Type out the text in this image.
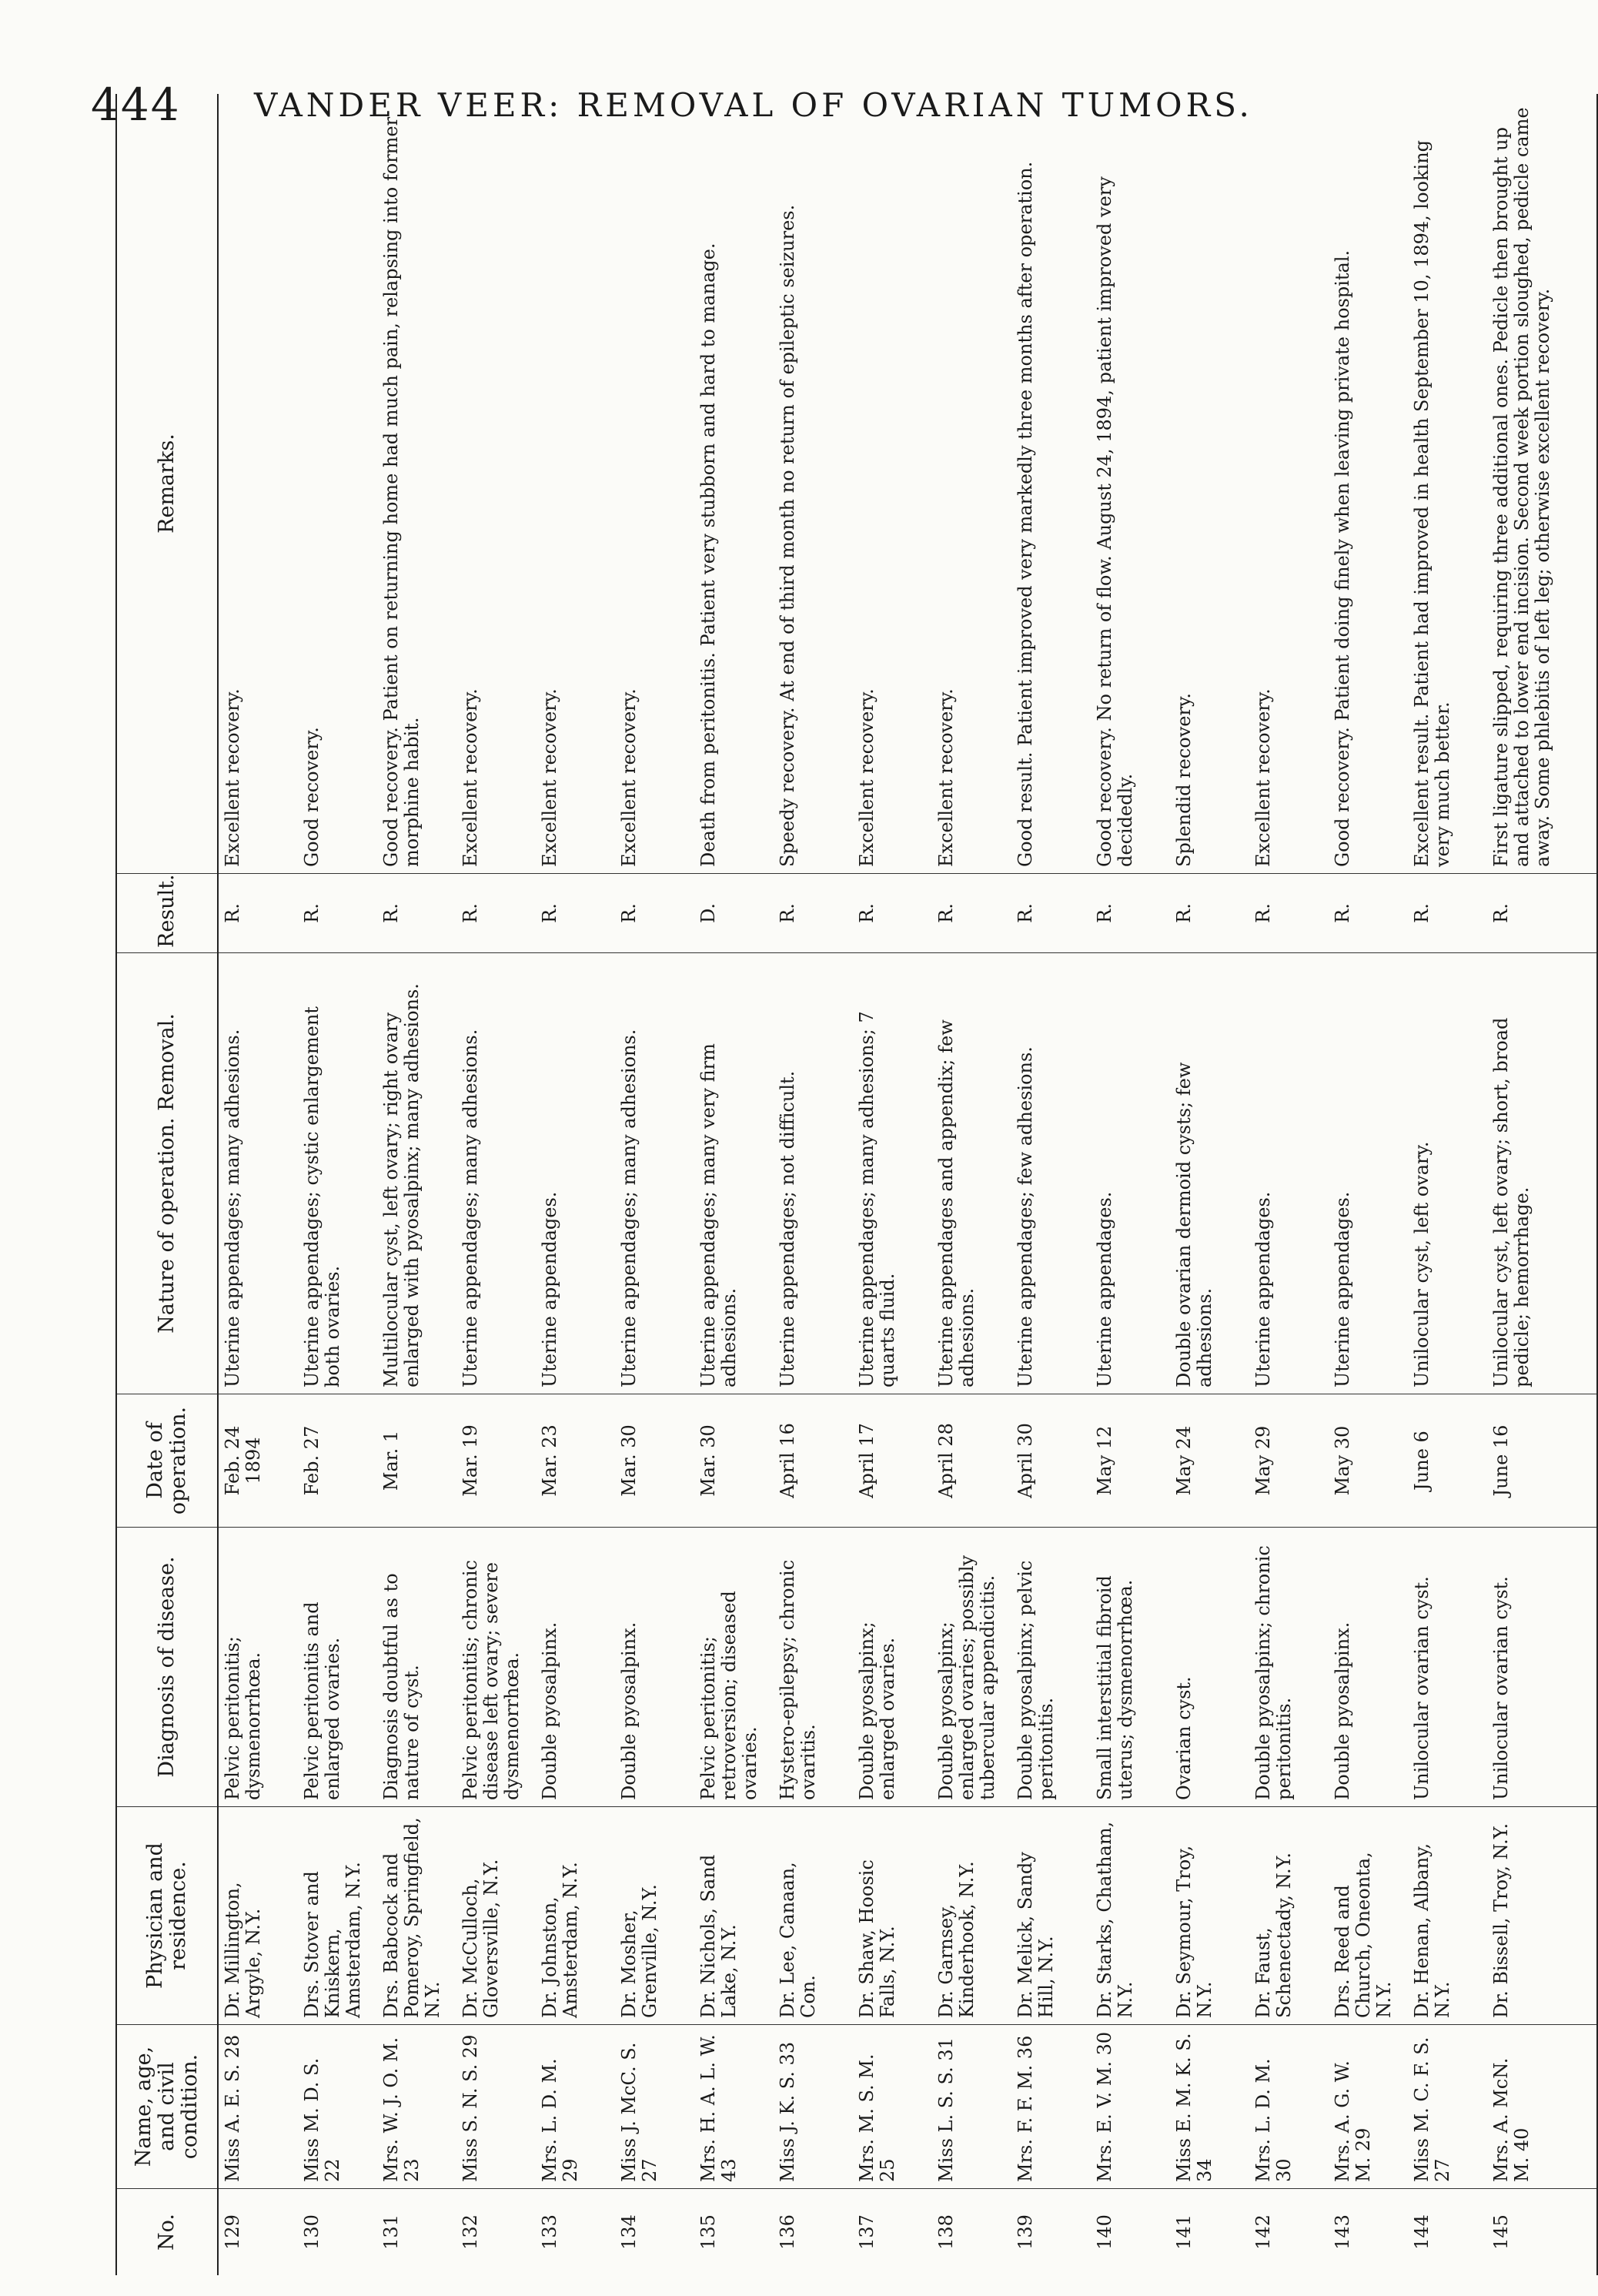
444 VANDER VEER: REMOVAL OF OVARIAN TUMORS.
No.	Name, age, and civil condition.	Physician and residence.	Diagnosis of disease.	Date of operation.	Nature of operation. Removal.	Result.	Remarks.
129	Miss A. E. S. 28	Dr. Millington, Argyle, N.Y.	Pelvic peritonitis; dysmenorrhœa.	Feb. 24 1894	Uterine appendages; many adhesions.	R.	Excellent recovery.
130	Miss M. D. S. 22	Drs. Stover and Kniskern, Amsterdam, N.Y.	Pelvic peritonitis and enlarged ovaries.	Feb. 27	Uterine appendages; cystic enlargement both ovaries.	R.	Good recovery.
131	Mrs. W. J. O. M. 23	Drs. Babcock and Pomeroy, Springfield, N.Y.	Diagnosis doubtful as to nature of cyst.	Mar. 1	Multilocular cyst, left ovary; right ovary enlarged with pyosalpinx; many adhesions.	R.	Good recovery. Patient on returning home had much pain, relapsing into former morphine habit.
132	Miss S. N. S. 29	Dr. McCulloch, Gloversville, N.Y.	Pelvic peritonitis; chronic disease left ovary; severe dysmenorrhœa.	Mar. 19	Uterine appendages; many adhesions.	R.	Excellent recovery.
133	Mrs. L. D. M. 29	Dr. Johnston, Amsterdam, N.Y.	Double pyosalpinx.	Mar. 23	Uterine appendages.	R.	Excellent recovery.
134	Miss J. McC. S. 27	Dr. Mosher, Grenville, N.Y.	Double pyosalpinx.	Mar. 30	Uterine appendages; many adhesions.	R.	Excellent recovery.
135	Mrs. H. A. L. W. 43	Dr. Nichols, Sand Lake, N.Y.	Pelvic peritonitis; retroversion; diseased ovaries.	Mar. 30	Uterine appendages; many very firm adhesions.	D.	Death from peritonitis. Patient very stubborn and hard to manage.
136	Miss J. K. S. 33	Dr. Lee, Canaan, Con.	Hystero-epilepsy; chronic ovaritis.	April 16	Uterine appendages; not difficult.	R.	Speedy recovery. At end of third month no return of epileptic seizures.
137	Mrs. M. S. M. 25	Dr. Shaw, Hoosic Falls, N.Y.	Double pyosalpinx; enlarged ovaries.	April 17	Uterine appendages; many adhesions; 7 quarts fluid.	R.	Excellent recovery.
138	Miss L. S. S. 31	Dr. Garnsey, Kinderhook, N.Y.	Double pyosalpinx; enlarged ovaries; possibly tubercular appendicitis.	April 28	Uterine appendages and appendix; few adhesions.	R.	Excellent recovery.
139	Mrs. F. F. M. 36	Dr. Melick, Sandy Hill, N.Y.	Double pyosalpinx; pelvic peritonitis.	April 30	Uterine appendages; few adhesions.	R.	Good result. Patient improved very markedly three months after operation.
140	Mrs. E. V. M. 30	Dr. Starks, Chatham, N.Y.	Small interstitial fibroid uterus; dysmenorrhœa.	May 12	Uterine appendages.	R.	Good recovery. No return of flow. August 24, 1894, patient improved very decidedly.
141	Miss E. M. K. S. 34	Dr. Seymour, Troy, N.Y.	Ovarian cyst.	May 24	Double ovarian dermoid cysts; few adhesions.	R.	Splendid recovery.
142	Mrs. L. D. M. 30	Dr. Faust, Schenectady, N.Y.	Double pyosalpinx; chronic peritonitis.	May 29	Uterine appendages.	R.	Excellent recovery.
143	Mrs. A. G. W. M. 29	Drs. Reed and Church, Oneonta, N.Y.	Double pyosalpinx.	May 30	Uterine appendages.	R.	Good recovery. Patient doing finely when leaving private hospital.
144	Miss M. C. F. S. 27	Dr. Henan, Albany, N.Y.	Unilocular ovarian cyst.	June 6	Unilocular cyst, left ovary.	R.	Excellent result. Patient had improved in health September 10, 1894, looking very much better.
145	Mrs. A. McN. M. 40	Dr. Bissell, Troy, N.Y.	Unilocular ovarian cyst.	June 16	Unilocular cyst, left ovary; short, broad pedicle; hemorrhage.	R.	First ligature slipped, requiring three additional ones. Pedicle then brought up and attached to lower end incision. Second week portion sloughed, pedicle came away. Some phlebitis of left leg; otherwise excellent recovery.
